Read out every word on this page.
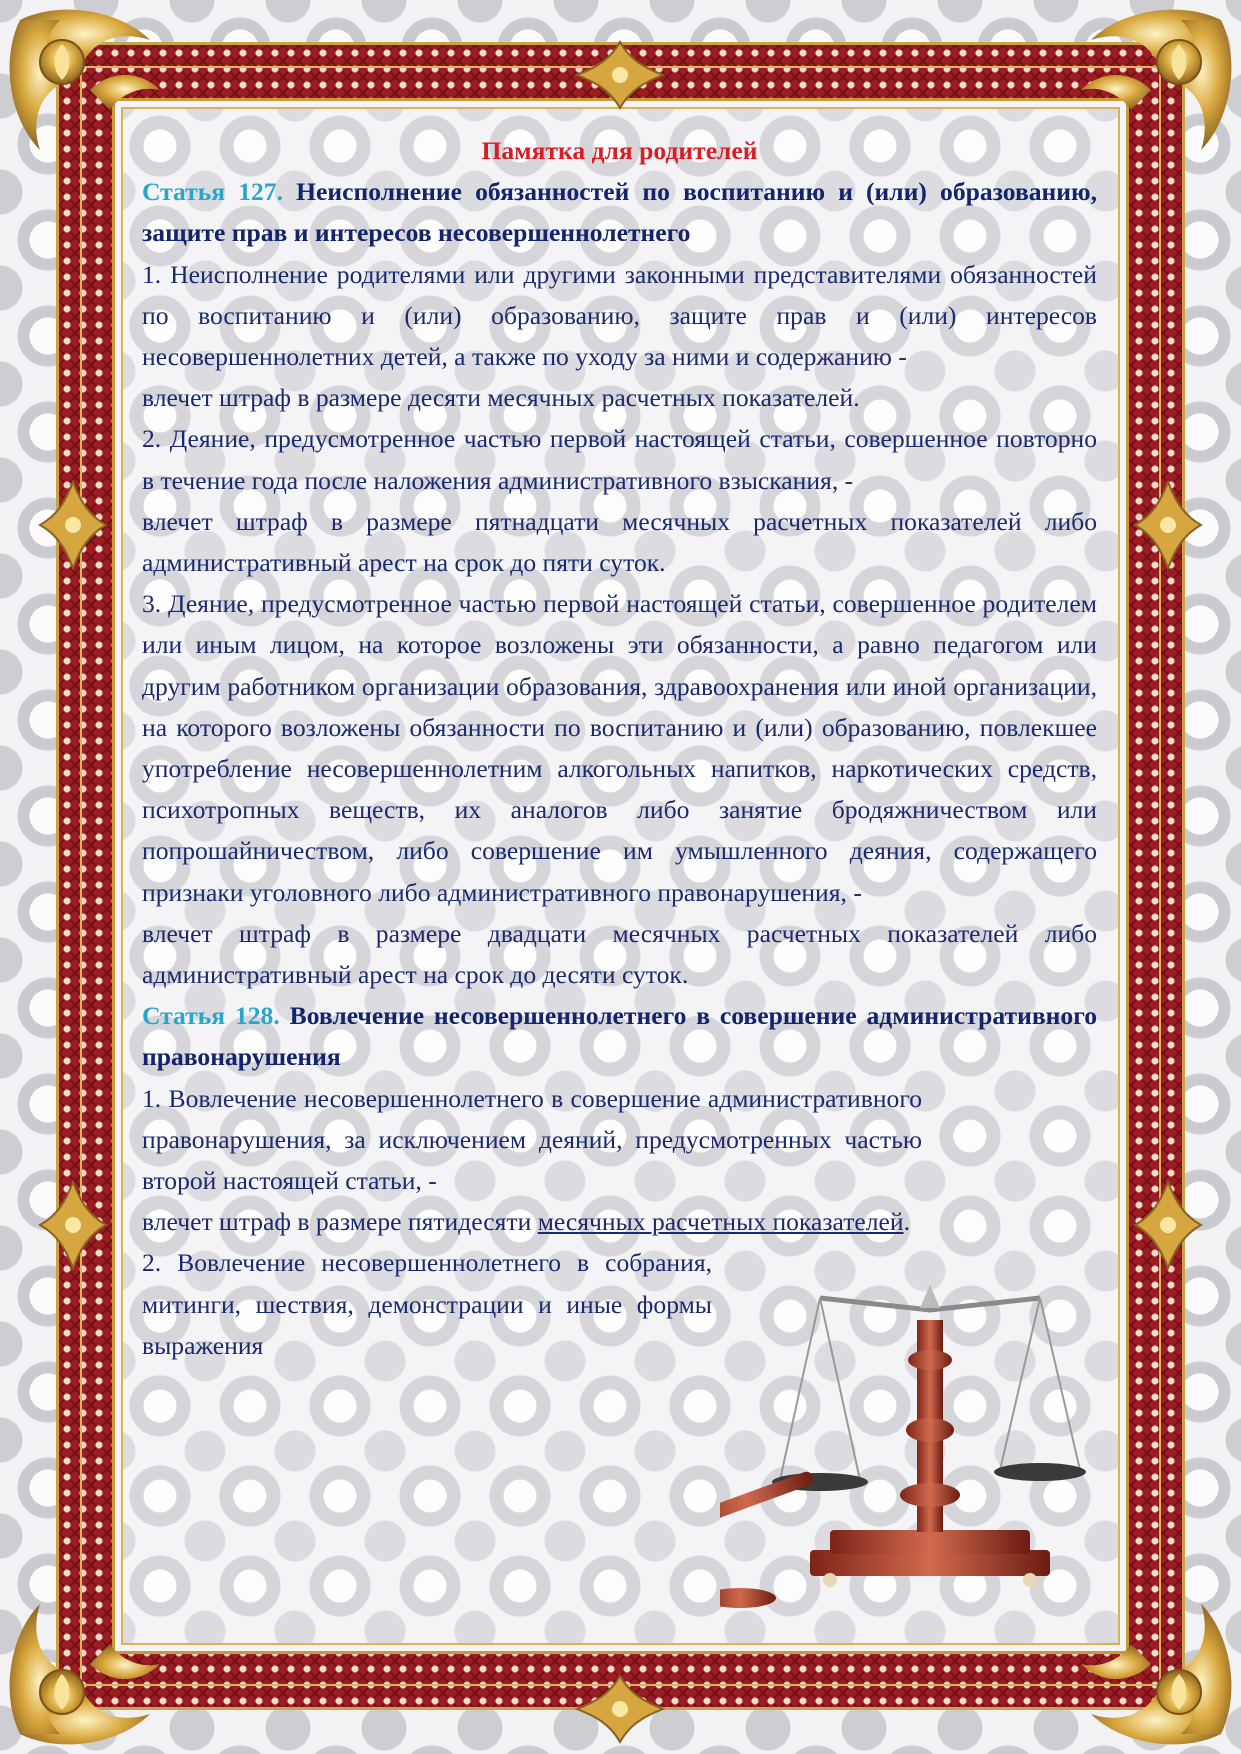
Памятка для родителей

Статья 127. Неисполнение обязанностей по воспитанию и (или) образованию, защите прав и интересов несовершеннолетнего

1. Неисполнение родителями или другими законными представителями обязанностей по воспитанию и (или) образованию, защите прав и (или) интересов несовершеннолетних детей, а также по уходу за ними и содержанию -

влечет штраф в размере десяти месячных расчетных показателей.

2. Деяние, предусмотренное частью первой настоящей статьи, совершенное повторно в течение года после наложения административного взыскания, -

влечет штраф в размере пятнадцати месячных расчетных показателей либо административный арест на срок до пяти суток.

3. Деяние, предусмотренное частью первой настоящей статьи, совершенное родителем или иным лицом, на которое возложены эти обязанности, а равно педагогом или другим работником организации образования, здравоохранения или иной организации, на которого возложены обязанности по воспитанию и (или) образованию, повлекшее употребление несовершеннолетним алкогольных напитков, наркотических средств, психотропных веществ, их аналогов либо занятие бродяжничеством или попрошайничеством, либо совершение им умышленного деяния, содержащего признаки уголовного либо административного правонарушения, -

влечет штраф в размере двадцати месячных расчетных показателей либо административный арест на срок до десяти суток.

Статья 128. Вовлечение несовершеннолетнего в совершение административного правонарушения

1. Вовлечение несовершеннолетнего в совершение административного правонарушения, за исключением деяний, предусмотренных частью второй настоящей статьи, -

влечет штраф в размере пятидесяти месячных расчетных показателей.

2. Вовлечение несовершеннолетнего в собрания, митинги, шествия, демонстрации и иные формы выражения
